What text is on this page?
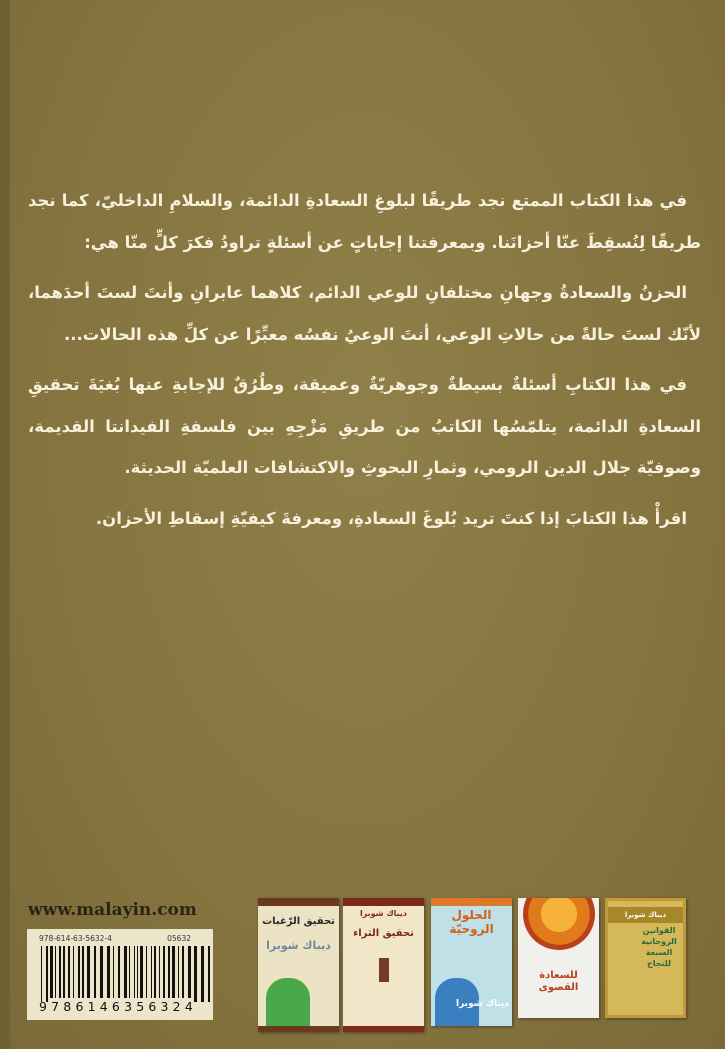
في هذا الكتاب الممتع نجد طريقًا لبلوغِ السعادةِ الدائمة، والسلامِ الداخليّ، كما نجد طريقًا لِنُسقِطَ عنّا أحزانَنا. وبمعرفتنا إجاباتٍ عن أسئلةٍ تراودُ فكرَ كلٍّ منّا هي:

الحزنُ والسعادةُ وجهانِ مختلفانِ للوعي الدائم، كلاهما عابرانِ وأنتَ لستَ أحدَهما، لأنّك لستَ حالةً من حالاتِ الوعي، أنتَ الوعيُ نفسُه معبِّرًا عن كلِّ هذه الحالات...

في هذا الكتابِ أسئلةٌ بسيطةٌ وجوهريّةٌ وعميقة، وطُرُقٌ للإجابةِ عنها بُغيَةَ تحقيقِ السعادةِ الدائمة، يتلمّسُها الكاتبُ من طريقِ مَزْجِهِ بين فلسفةِ الفيدانتا القديمة، وصوفيّة جلال الدين الرومي، وثمارِ البحوثِ والاكتشافات العلميّة الحديثة.

اقرأْ هذا الكتابَ إذا كنتَ تريد بُلوغَ السعادةِ، ومعرفةَ كيفيّةِ إسقاطِ الأحزان.

www.malayin.com
978-614-63-5632-4	05632
9786146356324
تحقيق الرّغبات
ديباك شوبرا
ديباك شوبرا
تحقيق الثراء
الحلول الروحيّة
ديباك شوبرا
للسعادة القصوى
ديباك شوبرا
القوانين الروحانية السبعة للنجاح
